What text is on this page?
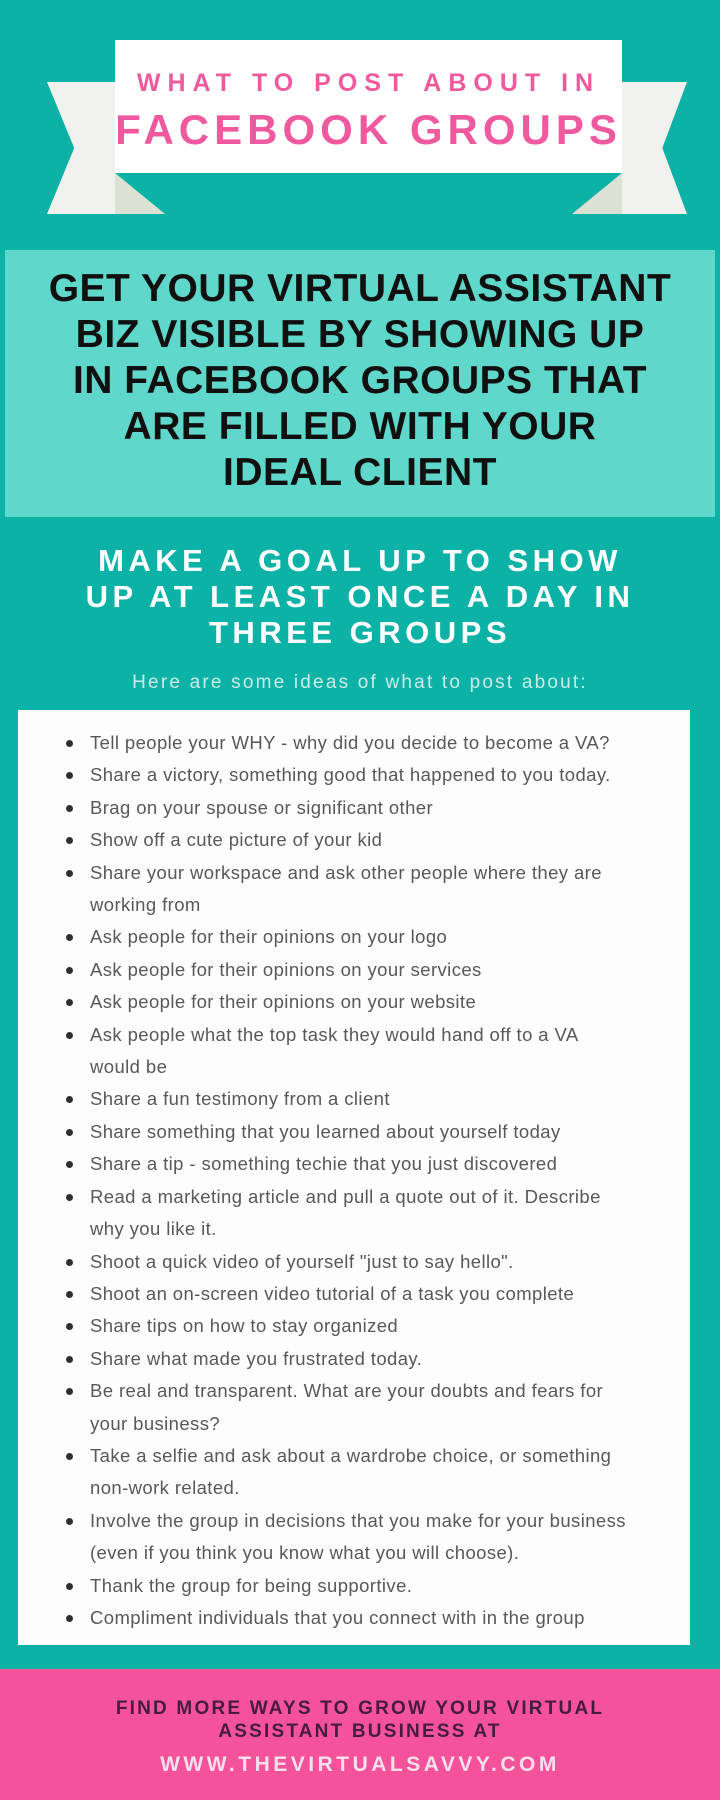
WHAT TO POST ABOUT IN
FACEBOOK GROUPS
GET YOUR VIRTUAL ASSISTANT
BIZ VISIBLE BY SHOWING UP
IN FACEBOOK GROUPS THAT
ARE FILLED WITH YOUR
IDEAL CLIENT
MAKE A GOAL UP TO SHOW
UP AT LEAST ONCE A DAY IN
THREE GROUPS

Here are some ideas of what to post about:

Tell people your WHY - why did you decide to become a VA?
Share a victory, something good that happened to you today.
Brag on your spouse or significant other
Show off a cute picture of your kid
Share your workspace and ask other people where they are working from
Ask people for their opinions on your logo
Ask people for their opinions on your services
Ask people for their opinions on your website
Ask people what the top task they would hand off to a VA would be
Share a fun testimony from a client
Share something that you learned about yourself today
Share a tip - something techie that you just discovered
Read a marketing article and pull a quote out of it. Describe why you like it.
Shoot a quick video of yourself "just to say hello".
Shoot an on-screen video tutorial of a task you complete
Share tips on how to stay organized
Share what made you frustrated today.
Be real and transparent. What are your doubts and fears for your business?
Take a selfie and ask about a wardrobe choice, or something non-work related.
Involve the group in decisions that you make for your business (even if you think you know what you will choose).
Thank the group for being supportive.
Compliment individuals that you connect with in the group
FIND MORE WAYS TO GROW YOUR VIRTUAL ASSISTANT BUSINESS AT
WWW.THEVIRTUALSAVVY.COM
